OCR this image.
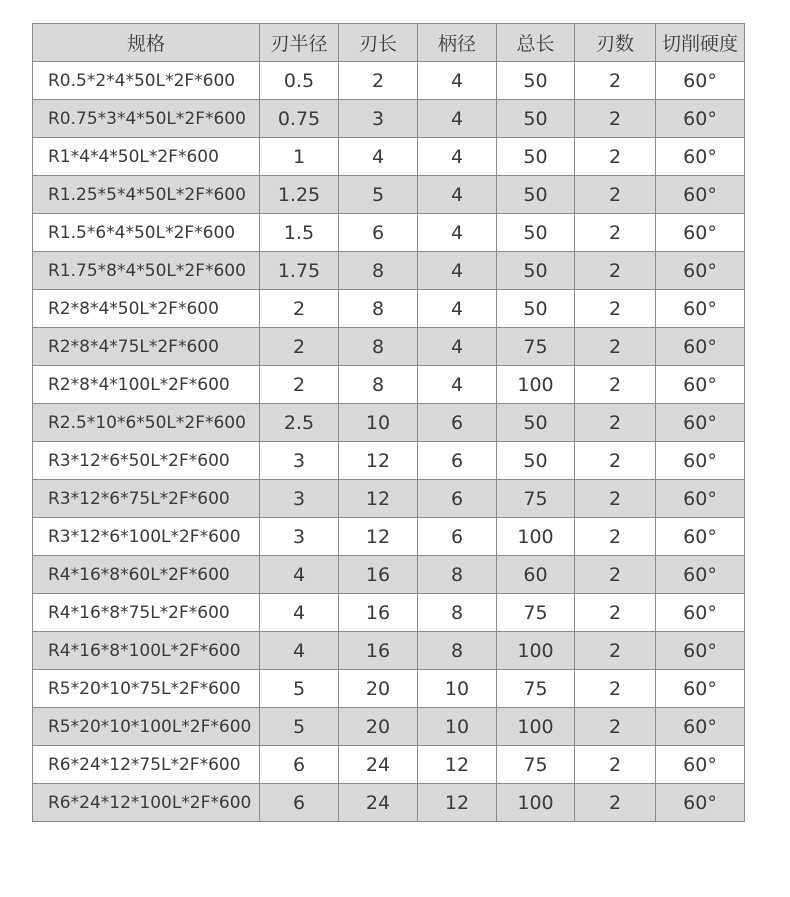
规格	刃半径	刃长	柄径	总长	刃数	切削硬度
R0.5*2*4*50L*2F*600	0.5	2	4	50	2	60°
R0.75*3*4*50L*2F*600	0.75	3	4	50	2	60°
R1*4*4*50L*2F*600	1	4	4	50	2	60°
R1.25*5*4*50L*2F*600	1.25	5	4	50	2	60°
R1.5*6*4*50L*2F*600	1.5	6	4	50	2	60°
R1.75*8*4*50L*2F*600	1.75	8	4	50	2	60°
R2*8*4*50L*2F*600	2	8	4	50	2	60°
R2*8*4*75L*2F*600	2	8	4	75	2	60°
R2*8*4*100L*2F*600	2	8	4	100	2	60°
R2.5*10*6*50L*2F*600	2.5	10	6	50	2	60°
R3*12*6*50L*2F*600	3	12	6	50	2	60°
R3*12*6*75L*2F*600	3	12	6	75	2	60°
R3*12*6*100L*2F*600	3	12	6	100	2	60°
R4*16*8*60L*2F*600	4	16	8	60	2	60°
R4*16*8*75L*2F*600	4	16	8	75	2	60°
R4*16*8*100L*2F*600	4	16	8	100	2	60°
R5*20*10*75L*2F*600	5	20	10	75	2	60°
R5*20*10*100L*2F*600	5	20	10	100	2	60°
R6*24*12*75L*2F*600	6	24	12	75	2	60°
R6*24*12*100L*2F*600	6	24	12	100	2	60°
